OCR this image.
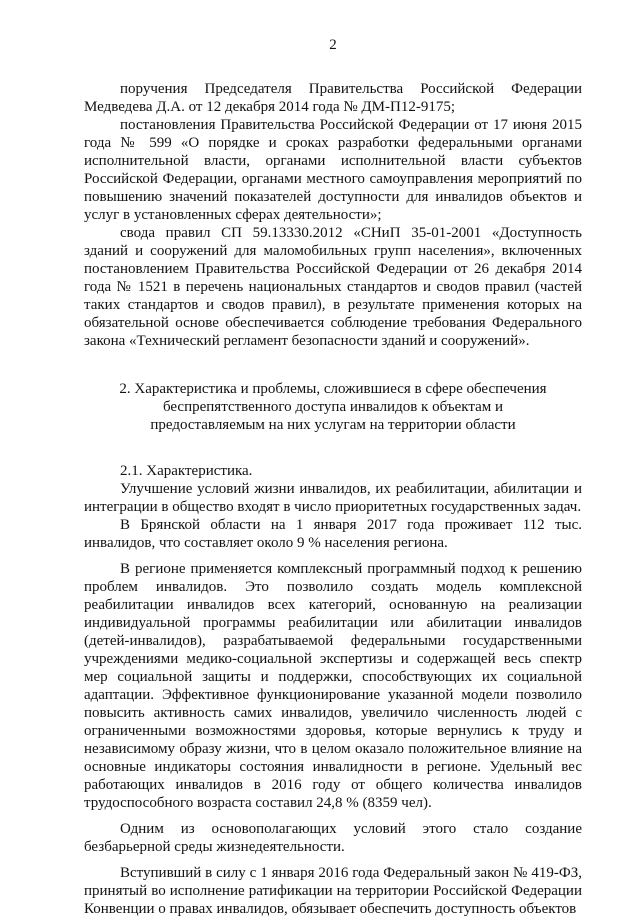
2

поручения Председателя Правительства Российской Федерации Медведева Д.А. от 12 декабря 2014 года № ДМ-П12-9175;

постановления Правительства Российской Федерации от 17 июня 2015 года № 599 «О порядке и сроках разработки федеральными органами исполнительной власти, органами исполнительной власти субъектов Российской Федерации, органами местного самоуправления мероприятий по повышению значений показателей доступности для инвалидов объектов и услуг в установленных сферах деятельности»;

свода правил СП 59.13330.2012 «СНиП 35-01-2001 «Доступность зданий и сооружений для маломобильных групп населения», включенных постановлением Правительства Российской Федерации от 26 декабря 2014 года № 1521 в перечень национальных стандартов и сводов правил (частей таких стандартов и сводов правил), в результате применения которых на обязательной основе обеспечивается соблюдение требования Федерального закона «Технический регламент безопасности зданий и сооружений».

2. Характеристика и проблемы, сложившиеся в сфере обеспечения беспрепятственного доступа инвалидов к объектам и предоставляемым на них услугам на территории области

2.1. Характеристика.

Улучшение условий жизни инвалидов, их реабилитации, абилитации и интеграции в общество входят в число приоритетных государственных задач.

В Брянской области на 1 января 2017 года проживает 112 тыс. инвалидов, что составляет около 9 % населения региона.

В регионе применяется комплексный программный подход к решению проблем инвалидов. Это позволило создать модель комплексной реабилитации инвалидов всех категорий, основанную на реализации индивидуальной программы реабилитации или абилитации инвалидов (детей-инвалидов), разрабатываемой федеральными государственными учреждениями медико-социальной экспертизы и содержащей весь спектр мер социальной защиты и поддержки, способствующих их социальной адаптации. Эффективное функционирование указанной модели позволило повысить активность самих инвалидов, увеличило численность людей с ограниченными возможностями здоровья, которые вернулись к труду и независимому образу жизни, что в целом оказало положительное влияние на основные индикаторы состояния инвалидности в регионе. Удельный вес работающих инвалидов в 2016 году от общего количества инвалидов трудоспособного возраста составил 24,8 % (8359 чел).

Одним из основополагающих условий этого стало создание безбарьерной среды жизнедеятельности.

Вступивший в силу с 1 января 2016 года Федеральный закон № 419-ФЗ, принятый во исполнение ратификации на территории Российской Федерации Конвенции о правах инвалидов, обязывает обеспечить доступность объектов
